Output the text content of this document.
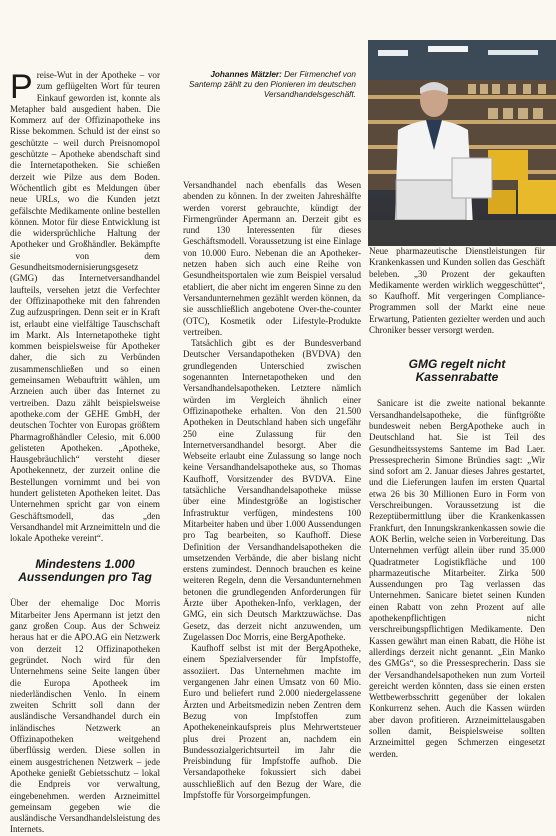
Preise-Wut in der Apotheke – vor zum geflügelten Wort für teuren Einkauf geworden ist, konnte als Metapher bald ausgedient haben. Die Kommerz auf der Offizinapotheke ins Risse bekommen. Schuld ist der einst so geschützte – weil durch Preisnomopol geschützte – Apotheke abendschaft sind die Internetapotheken. Sie schießen derzeit wie Pilze aus dem Boden. Wöchentlich gibt es Meldungen über neue URLs, wo die Kunden jetzt gefälschte Medikamente online bestellen können. Motor für diese Entwicklung ist die widersprüchliche Haltung der Apotheker und Großhändler. Bekämpfte sie von dem Gesundheitsmodernisierungsgesetz (GMG) das Internetversandhandel laufteils, versehen jetzt die Verfechter der Offizinapotheke mit den fahrenden Zug aufzuspringen. Denn seit er in Kraft ist, erlaubt eine vielfältige Tauschschaft im Markt. Als Internetapotheke tight kommen beispielsweise für Apotheker daher, die sich zu Verbünden zusammenschließen und so einen gemeinsamen Webauftritt wählen, um Arzneien auch über das Internet zu vertreiben. Dazu zählt beispielsweise apotheke.com der GEHE GmbH, der deutschen Tochter von Europas größtem Pharmagroßhändler Celesio, mit 6.000 gelisteten Apotheken. „Apotheke, Hausgebräuchlich“ versteht dieser Apothekennetz, der zurzeit online die Bestellungen vornimmt und bei von hundert gelisteten Apotheken leitet. Das Unternehmen spricht gar von einem Geschäftsmodell, das „den Versandhandel mit Arzneimitteln und die lokale Apotheke vereint“.

Mindestens 1.000
Aussendungen pro Tag

Über der ehemalige Doc Morris Mitarbeiter Jens Apermann ist jetzt den ganz großen Coup. Aus der Schweiz heraus hat er die APO.AG ein Netzwerk von derzeit 12 Offizinapotheken gegründet. Noch wird für den Unternehmens seine Seite langen über die Europa Apotheek im niederländischen Venlo. In einem zweiten Schritt soll dann der ausländische Versandhandel durch ein inländisches Netzwerk an Offizinapotheken weitgehend überflüssig werden. Diese sollen in einem ausgestrichenen Netzwerk – jede Apotheke genießt Gebietsschutz – lokal die Endpreis vor verwaltung, eingebenehmen. werden Arzneimittel gemeinsam gegeben wie die ausländische Versandhandelsleistung des Internets.

Johannes Mätzler: Der Firmenchef von Santemp zählt zu den Pionieren im deutschen Versandhandelsgeschäft.

Versandhandel nach ebenfalls das Wesen abenden zu können. In der zweiten Jahreshälfte werden vorerst gebrauchte, kündigt der Firmengründer Apermann an. Derzeit gibt es rund 130 Interessenten für dieses Geschäftsmodell. Voraussetzung ist eine Einlage von 10.000 Euro. Nebenan die an Apotheker-netzen haben sich auch eine Reihe von Gesundheitsportalen wie zum Beispiel versalud etabliert, die aber nicht im engeren Sinne zu den Versandunternehmen gezählt werden können, da sie ausschließlich angebotene Over-the-counter (OTC), Kosmetik oder Lifestyle-Produkte vertreiben.

Tatsächlich gibt es der Bundesverband Deutscher Versandapotheken (BVDVA) den grundlegenden Unterschied zwischen sogenannten Internetapotheken und den Versandhandelsapotheken. Letztere nämlich würden im Vergleich ähnlich einer Offizinapotheke erhalten. Von den 21.500 Apotheken in Deutschland haben sich ungefähr 250 eine Zulassung für den Internetversandhandel besorgt. Aber die Webseite erlaubt eine Zulassung so lange noch keine Versandhandelsapotheke aus, so Thomas Kaufhoff, Vorsitzender des BVDVA. Eine tatsächliche Versandhandelsapotheke müsse über eine Mindestgröße an logistischer Infrastruktur verfügen, mindestens 100 Mitarbeiter haben und über 1.000 Aussendungen pro Tag bearbeiten, so Kaufhoff. Diese Definition der Versandhandelsapotheken die umsetzenden Verbände, die aber bislang nicht erstens zumindest. Dennoch brauchen es keine weiteren Regeln, denn die Versandunternehmen betonen die grundlegenden Anforderungen für Ärzte über Apotheken-Info, verklagen, der GMG, ein sich Deutsch Marktzuwächse. Das Gesetz, das derzeit nicht anzuwenden, um Zugelassen Doc Morris, eine BergApotheke.

Kaufhoff selbst ist mit der BergApotheke, einem Spezialversender für Impfstoffe, assoziiert. Das Unternehmen machte im vergangenen Jahr einen Umsatz von 60 Mio. Euro und beliefert rund 2.000 niedergelassene Ärzten und Arbeitsmedizin neben Zentren dem Bezug von Impfstoffen zum Apothekeneinkaufspreis plus Mehrwertsteuer plus drei Prozent an, nachdem ein Bundessozialgerichtsurteil im Jahr die Preisbindung für Impfstoffe aufhob. Die Versandapotheke fokussiert sich dabei ausschließlich auf den Bezug der Ware, die Impfstoffe für Vorsorgeimpfungen.

Neue pharmazeutische Dienstleistungen für Krankenkassen und Kunden sollen das Geschäft beleben. „30 Prozent der gekauften Medikamente werden wirklich weggeschüttet“, so Kaufhoff. Mit vergeringen Compliance-Programmen soll der Markt eine neue Erwartung, Patienten gezielter werden und auch Chroniker besser versorgt werden.

GMG regelt nicht
Kassenrabatte

Sanicare ist die zweite national bekannte Versandhandelsapotheke, die fünftgrößte bundesweit neben BergApotheke auch in Deutschland hat. Sie ist Teil des Gesundheitssystems Santeme im Bad Laer. Pressesprecherin Simone Bründies sagt: „Wir sind sofort am 2. Januar dieses Jahres gestartet, und die Lieferungen laufen im ersten Quartal etwa 26 bis 30 Millionen Euro in Form von Verschreibungen. Voraussetzung ist die Rezeptübermittlung über die Krankenkassen Frankfurt, den Innungskrankenkassen sowie die AOK Berlin, welche seien in Vorbereitung. Das Unternehmen verfügt allein über rund 35.000 Quadratmeter Logistikfläche und 100 pharmazeutische Mitarbeiter. Zirka 500 Aussendungen pro Tag verlassen das Unternehmen. Sanicare bietet seinen Kunden einen Rabatt von zehn Prozent auf alle apothekenpflichtigen nicht verschreibungspflichtigen Medikamente. Den Kassen gewährt man einen Rabatt, die Höhe ist allerdings derzeit nicht genannt. „Ein Manko des GMGs“, so die Pressesprecherin. Dass sie der Versandhandelsapotheken nun zum Vorteil gereicht werden könnten, dass sie einen ersten Wettbewerbsschritt gegenüber der lokalen Konkurrenz sehen. Auch die Kassen würden aber davon profitieren. Arzneimittelausgaben sollen damit, Beispielsweise sollten Arzneimittel gegen Schmerzen eingesetzt werden.
